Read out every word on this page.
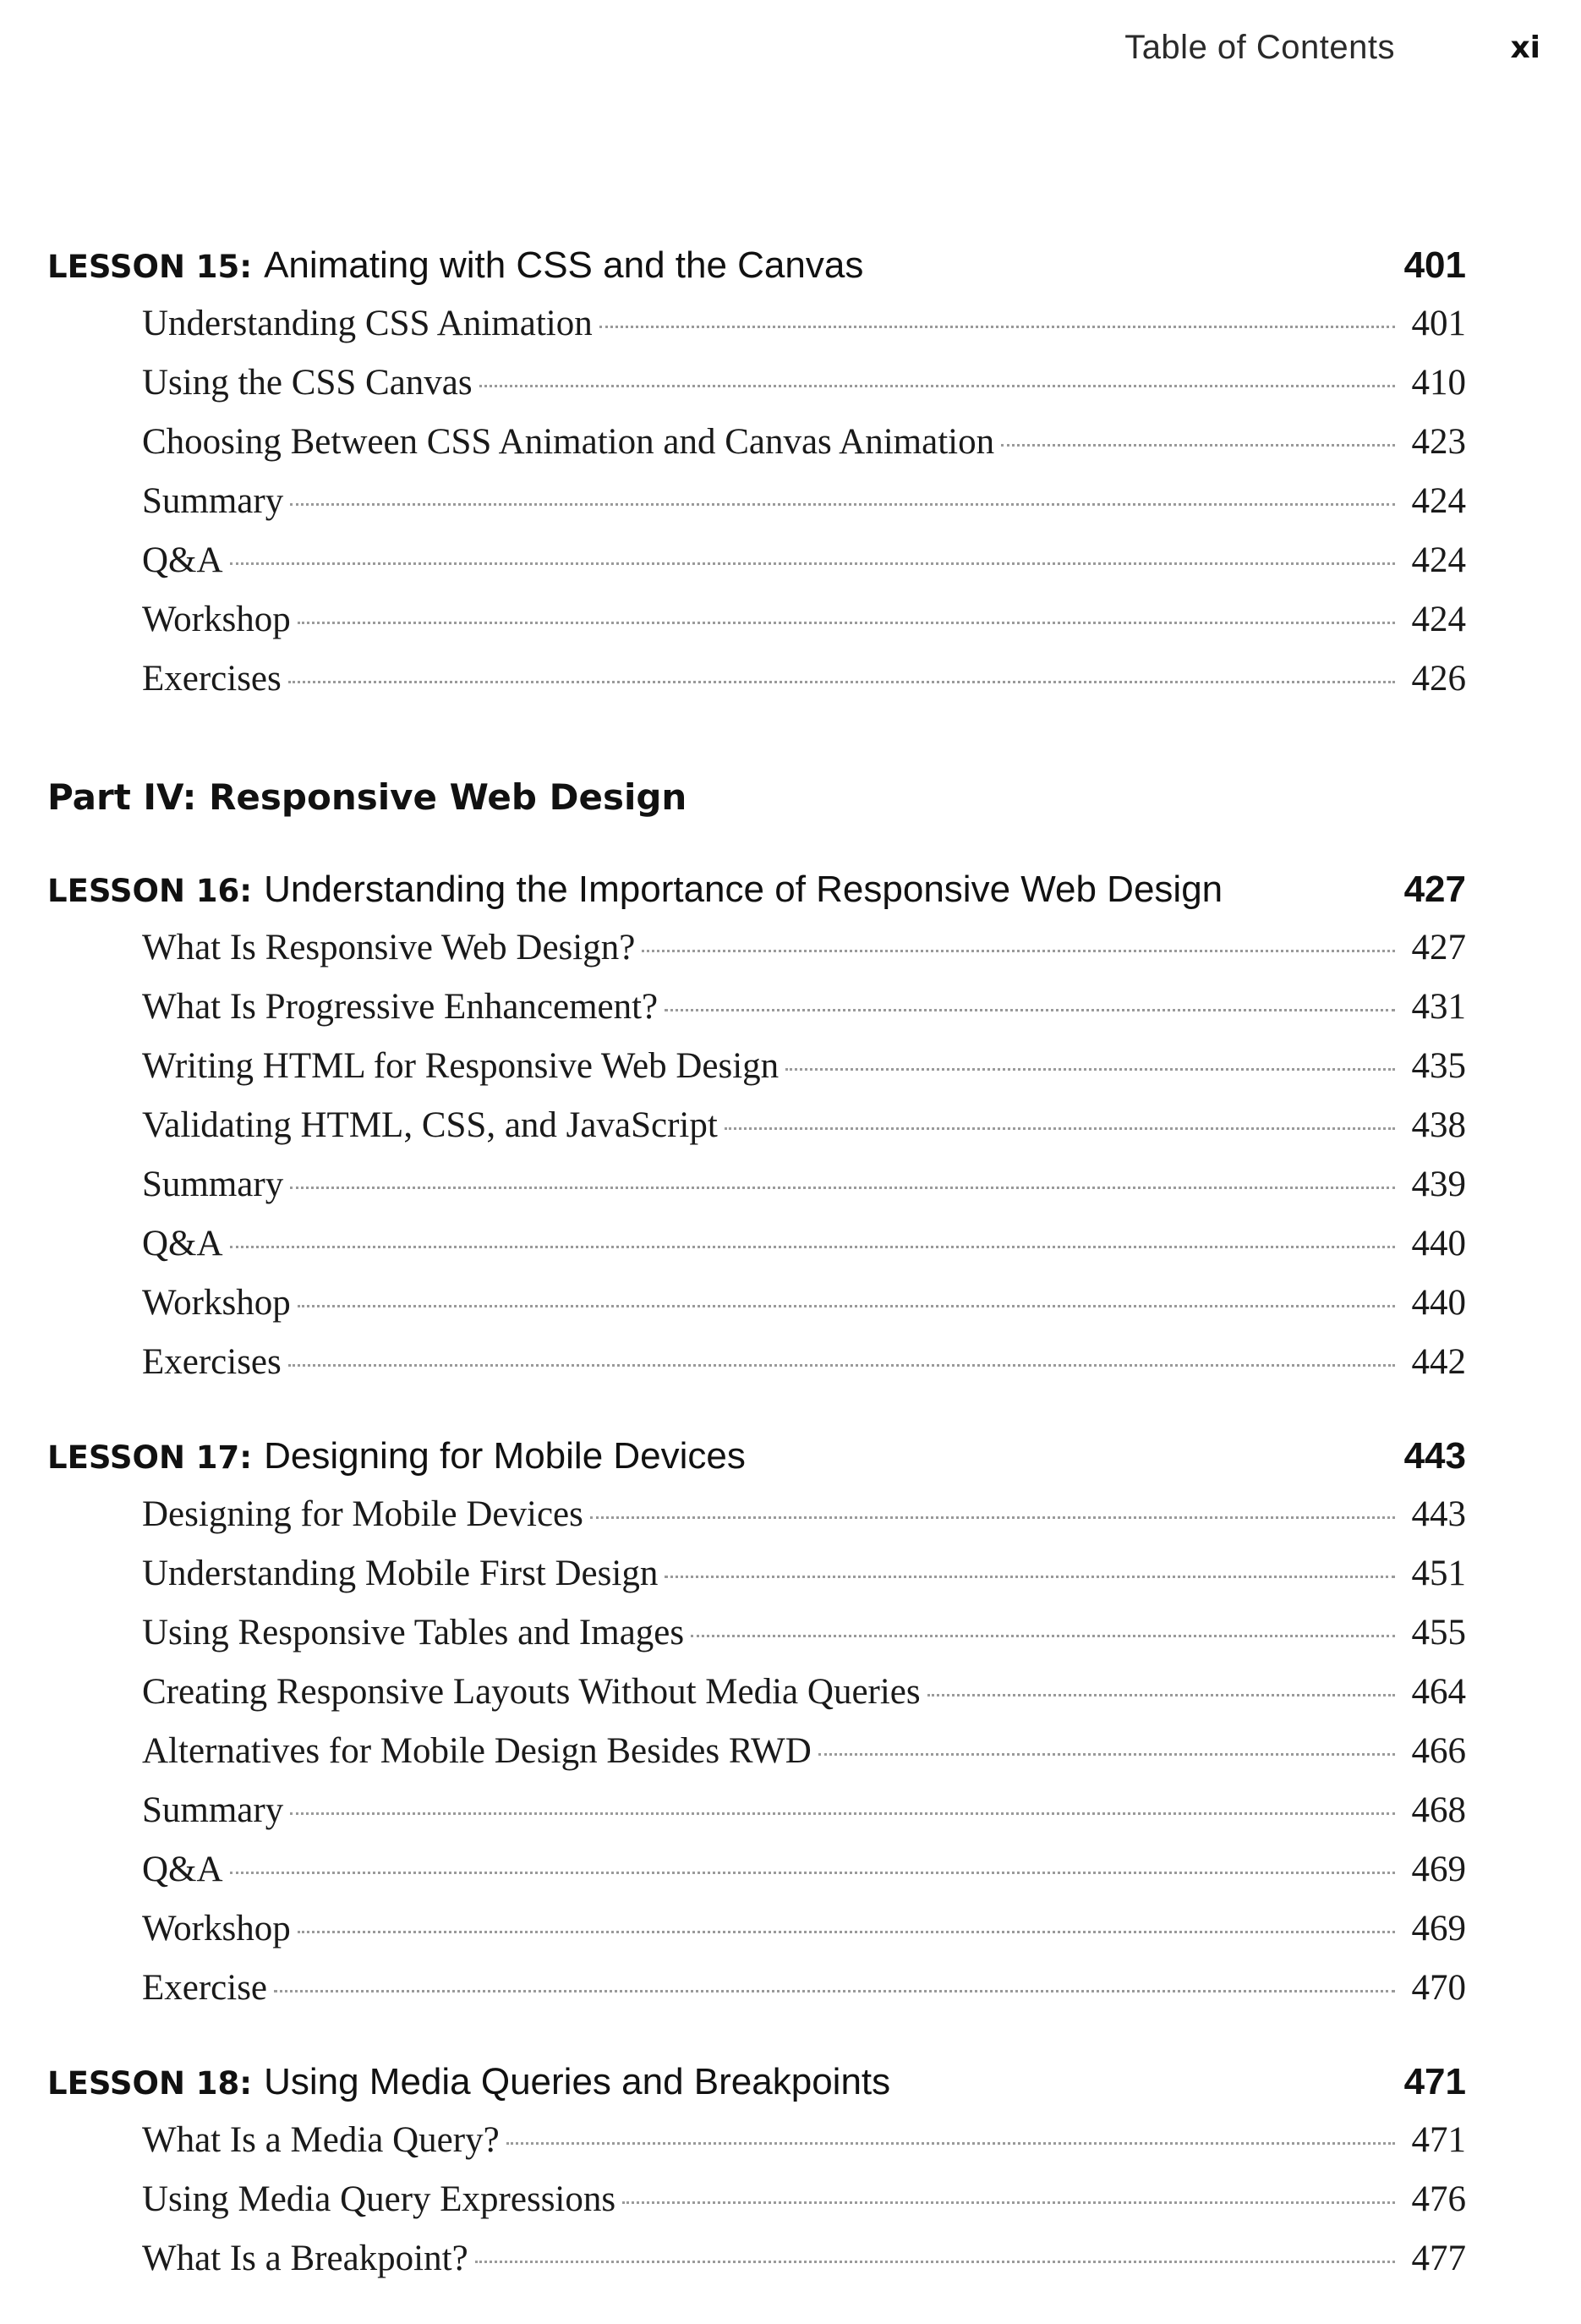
Table of Contents	xi
LESSON 15: Animating with CSS and the Canvas	401
Understanding CSS Animation	401
Using the CSS Canvas	410
Choosing Between CSS Animation and Canvas Animation	423
Summary	424
Q&A	424
Workshop	424
Exercises	426
Part IV: Responsive Web Design
LESSON 16: Understanding the Importance of Responsive Web Design	427
What Is Responsive Web Design?	427
What Is Progressive Enhancement?	431
Writing HTML for Responsive Web Design	435
Validating HTML, CSS, and JavaScript	438
Summary	439
Q&A	440
Workshop	440
Exercises	442
LESSON 17: Designing for Mobile Devices	443
Designing for Mobile Devices	443
Understanding Mobile First Design	451
Using Responsive Tables and Images	455
Creating Responsive Layouts Without Media Queries	464
Alternatives for Mobile Design Besides RWD	466
Summary	468
Q&A	469
Workshop	469
Exercise	470
LESSON 18: Using Media Queries and Breakpoints	471
What Is a Media Query?	471
Using Media Query Expressions	476
What Is a Breakpoint?	477
